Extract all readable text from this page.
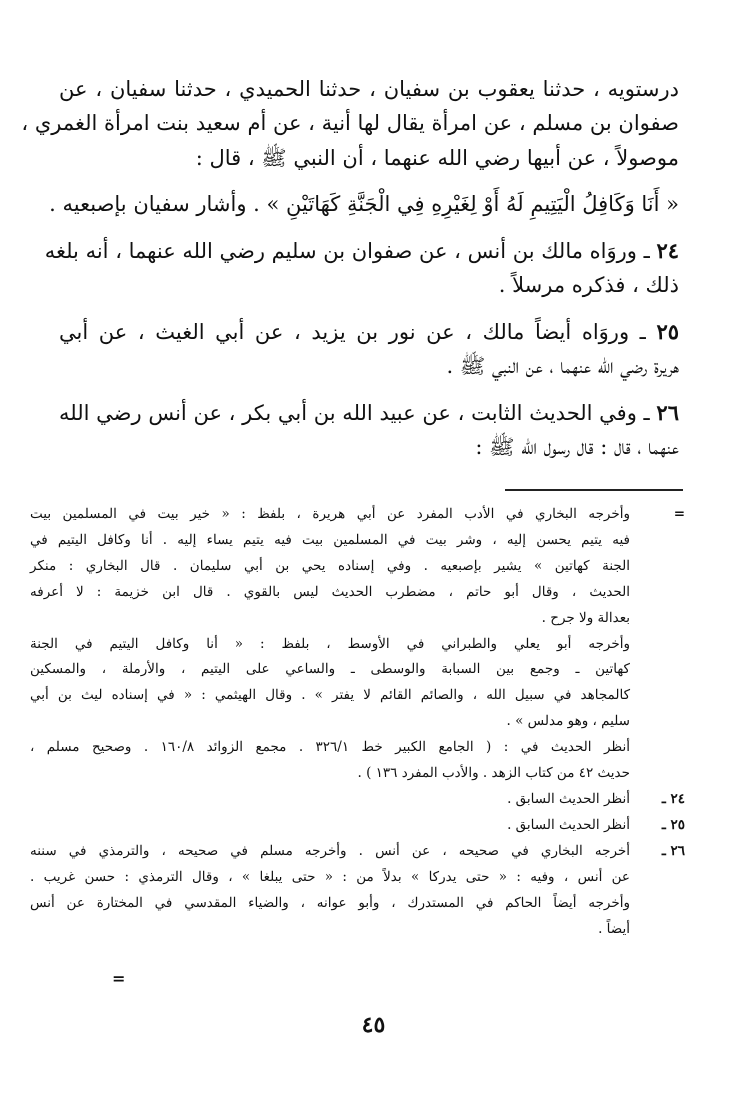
درستويه ، حدثنا يعقوب بن سفيان ، حدثنا الحميدي ، حدثنا سفيان ، عن
صفوان بن مسلم ، عن امرأة يقال لها أنية ، عن أم سعيد بنت امرأة الغمري ،
موصولاً ، عن أبيها رضي الله عنهما ، أن النبي ﷺ ، قال :
« أَنَا وَكَافِلُ الْيَتِيمِ لَهُ أَوْ لِغَيْرِهِ فِي الْجَنَّةِ كَهَاتَيْنِ » . وأشار سفيان بإصبعيه .
٢٤ ـ وروَاه مالك بن أنس ، عن صفوان بن سليم رضي الله عنهما ، أنه بلغه
ذلك ، فذكره مرسلاً .
٢٥ ـ وروَاه أيضاً مالك ، عن نور بن يزيد ، عن أبي الغيث ، عن أبي
هريرة رضي الله عنهما ، عن النبي ﷺ .
٢٦ ـ وفي الحديث الثابت ، عن عبيد الله بن أبي بكر ، عن أنس رضي الله
عنهما ، قال : قال رسول الله ﷺ :
=
وأخرجه البخاري في الأدب المفرد عن أبي هريرة ، بلفظ : « خير بيت في المسلمين بيت
فيه يتيم يحسن إليه ، وشر بيت في المسلمين بيت فيه يتيم يساء إليه . أنا وكافل اليتيم في
الجنة كهاتين » يشير بإصبعيه . وفي إسناده يحي بن أبي سليمان . قال البخاري : منكر
الحديث ، وقال أبو حاتم ، مضطرب الحديث ليس بالقوي . قال ابن خزيمة : لا أعرفه
بعدالة ولا جرح .
وأخرجه أبو يعلي والطبراني في الأوسط ، بلفظ : « أنا وكافل اليتيم في الجنة
كهاتين ـ وجمع بين السبابة والوسطى ـ والساعي على اليتيم ، والأرملة ، والمسكين
كالمجاهد في سبيل الله ، والصائم القائم لا يفتر » . وقال الهيثمي : « في إسناده ليث بن أبي
سليم ، وهو مدلس » .
أنظر الحديث في : ( الجامع الكبير خط ٣٢٦/١ . مجمع الزوائد ١٦٠/٨ . وصحيح مسلم ،
حديث ٤٢ من كتاب الزهد . والأدب المفرد ١٣٦ ) .
٢٤ ـ
أنظر الحديث السابق .
٢٥ ـ
أنظر الحديث السابق .
٢٦ ـ
أخرجه البخاري في صحيحه ، عن أنس . وأخرجه مسلم في صحيحه ، والترمذي في سننه
عن أنس ، وفيه : « حتى يدركا » بدلاً من : « حتى يبلغا » ، وقال الترمذي : حسن غريب .
وأخرجه أيضاً الحاكم في المستدرك ، وأبو عوانه ، والضياء المقدسي في المختارة عن أنس
أيضاً .
=
٤٥
